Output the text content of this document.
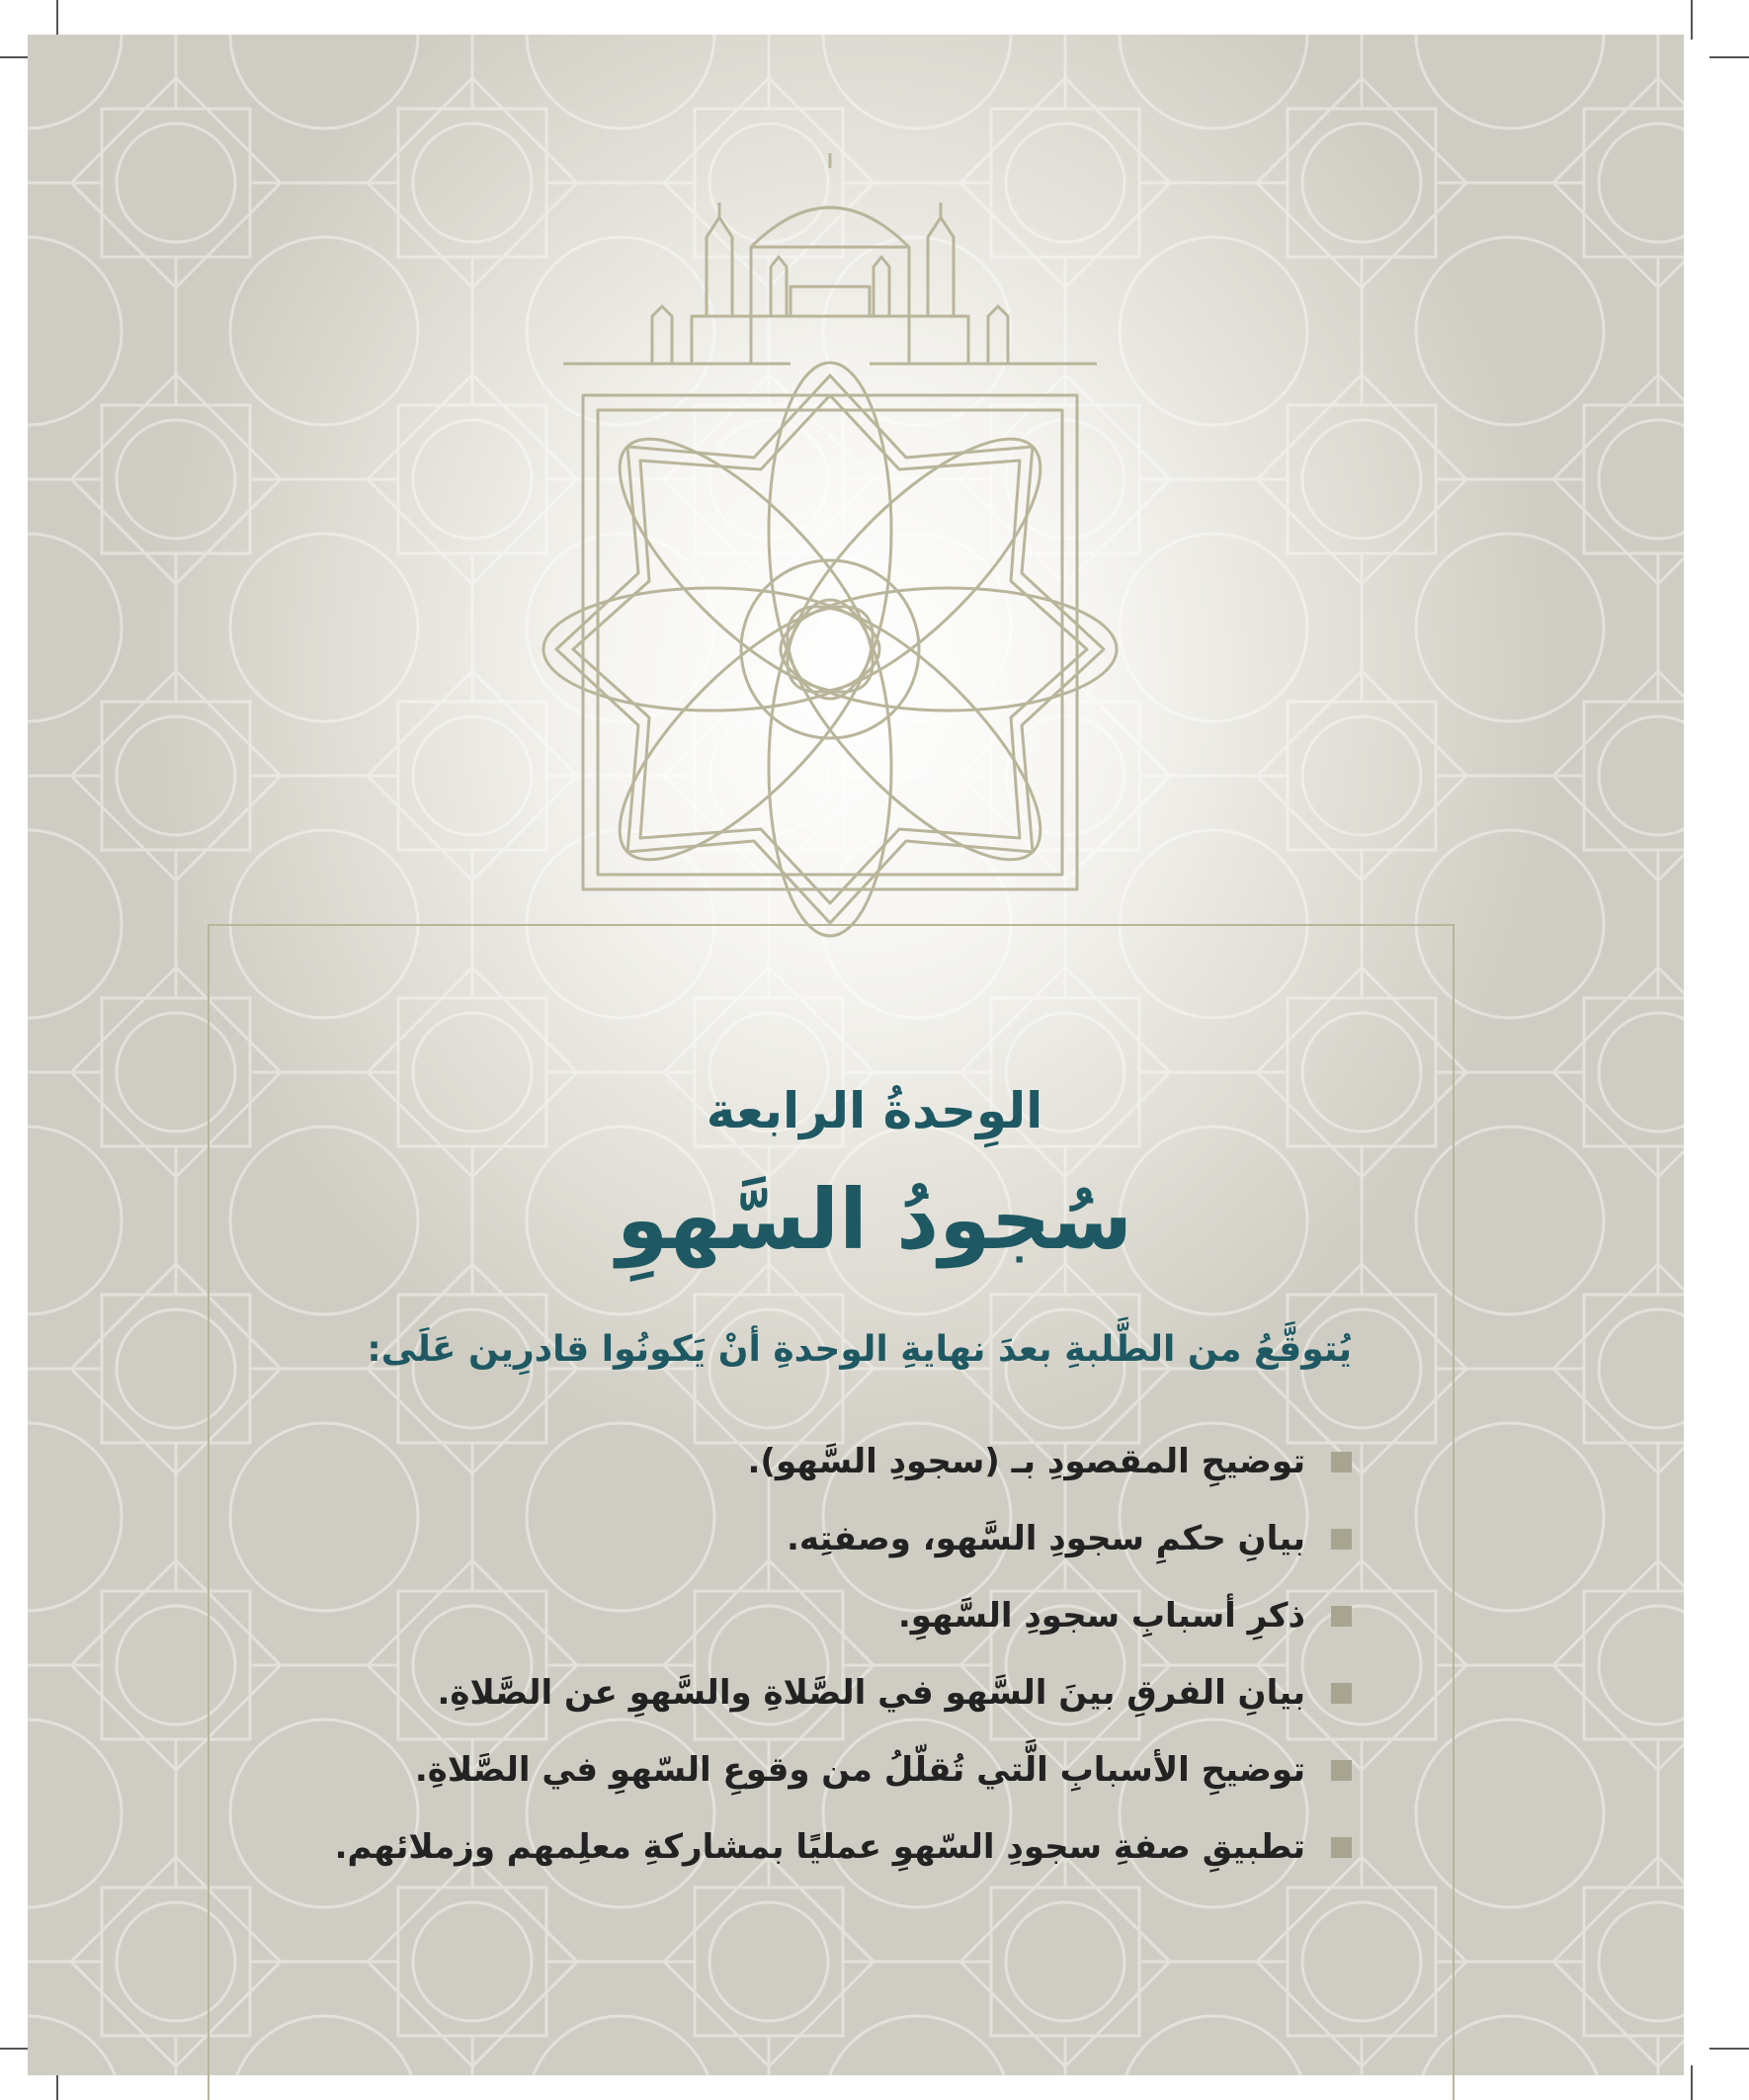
الوِحدةُ الرابعة
سُجودُ السَّهوِ
يُتوقَّعُ من الطَّلبةِ بعدَ نهايةِ الوحدةِ أنْ يَكونُوا قادرِين عَلَى:
توضيحِ المقصودِ بـ (سجودِ السَّهو).
بيانِ حكمِ سجودِ السَّهو، وصفتِه.
ذكرِ أسبابِ سجودِ السَّهوِ.
بيانِ الفرقِ بينَ السَّهو في الصَّلاةِ والسَّهوِ عن الصَّلاةِ.
توضيحِ الأسبابِ الَّتي تُقلّلُ من وقوعِ السّهوِ في الصَّلاةِ.
تطبيقِ صفةِ سجودِ السّهوِ عمليًا بمشاركةِ معلِمهم وزملائهم.
